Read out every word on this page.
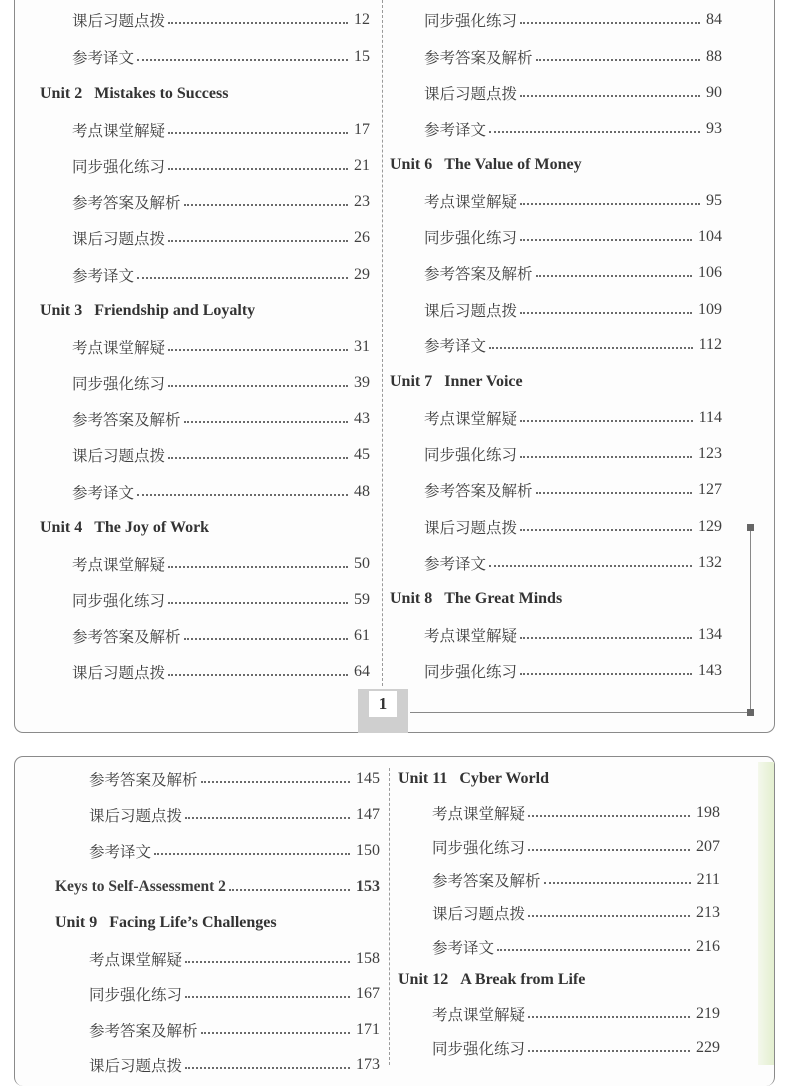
课后习题点拨	12
参考译文	15
Unit 2 Mistakes to Success
考点课堂解疑	17
同步强化练习	21
参考答案及解析	23
课后习题点拨	26
参考译文	29
Unit 3 Friendship and Loyalty
考点课堂解疑	31
同步强化练习	39
参考答案及解析	43
课后习题点拨	45
参考译文	48
Unit 4 The Joy of Work
考点课堂解疑	50
同步强化练习	59
参考答案及解析	61
课后习题点拨	64
同步强化练习	84
参考答案及解析	88
课后习题点拨	90
参考译文	93
Unit 6 The Value of Money
考点课堂解疑	95
同步强化练习	104
参考答案及解析	106
课后习题点拨	109
参考译文	112
Unit 7 Inner Voice
考点课堂解疑	114
同步强化练习	123
参考答案及解析	127
课后习题点拨	129
参考译文	132
Unit 8 The Great Minds
考点课堂解疑	134
同步强化练习	143
参考答案及解析	145
课后习题点拨	147
参考译文	150
Keys to Self-Assessment 2	153
Unit 9 Facing Life’s Challenges
考点课堂解疑	158
同步强化练习	167
参考答案及解析	171
课后习题点拨	173
Unit 11 Cyber World
考点课堂解疑	198
同步强化练习	207
参考答案及解析	211
课后习题点拨	213
参考译文	216
Unit 12 A Break from Life
考点课堂解疑	219
同步强化练习	229
1
